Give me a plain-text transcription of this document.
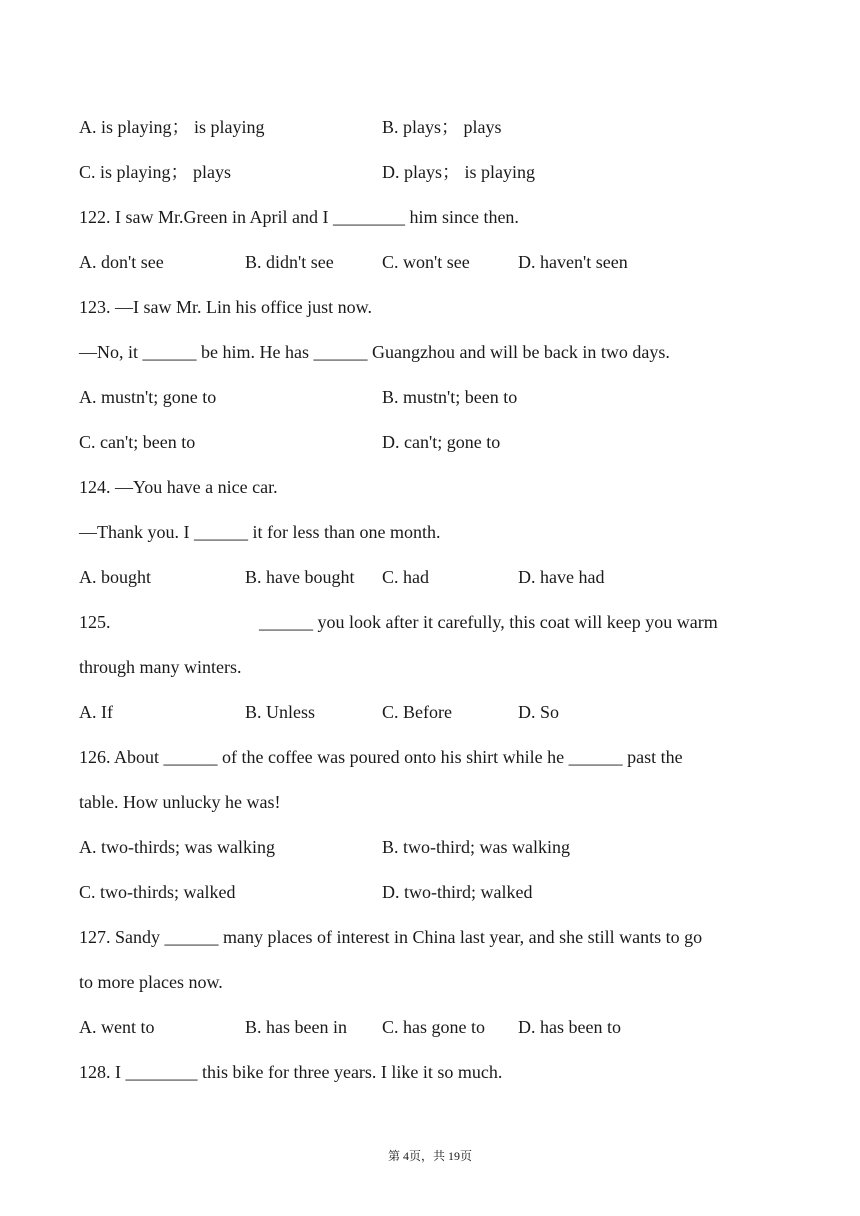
A. is playing； is playing	B. plays； plays
C. is playing； plays	D. plays； is playing
122. I saw Mr.Green in April and I ________ him since then.
A. don't see	B. didn't see	C. won't see	D. haven't seen
123. —I saw Mr. Lin his office just now.
—No, it ______ be him. He has ______ Guangzhou and will be back in two days.
A. mustn't; gone to	B. mustn't; been to
C. can't; been to	D. can't; gone to
124. —You have a nice car.
—Thank you. I ______ it for less than one month.
A. bought	B. have bought C. had	D. have had
125.	______ you look after it carefully, this coat will keep you warm
through many winters.
A. If	B. Unless	C. Before	D. So
126. About ______ of the coffee was poured onto his shirt while he ______ past the
table. How unlucky he was!
A. two-thirds; was walking	B. two-third; was walking
C. two-thirds; walked	D. two-third; walked
127. Sandy ______ many places of interest in China last year, and she still wants to go
to more places now.
A. went to	B. has been in C. has gone to D. has been to
128. I ________ this bike for three years. I like it so much.
第 4页，共 19页
